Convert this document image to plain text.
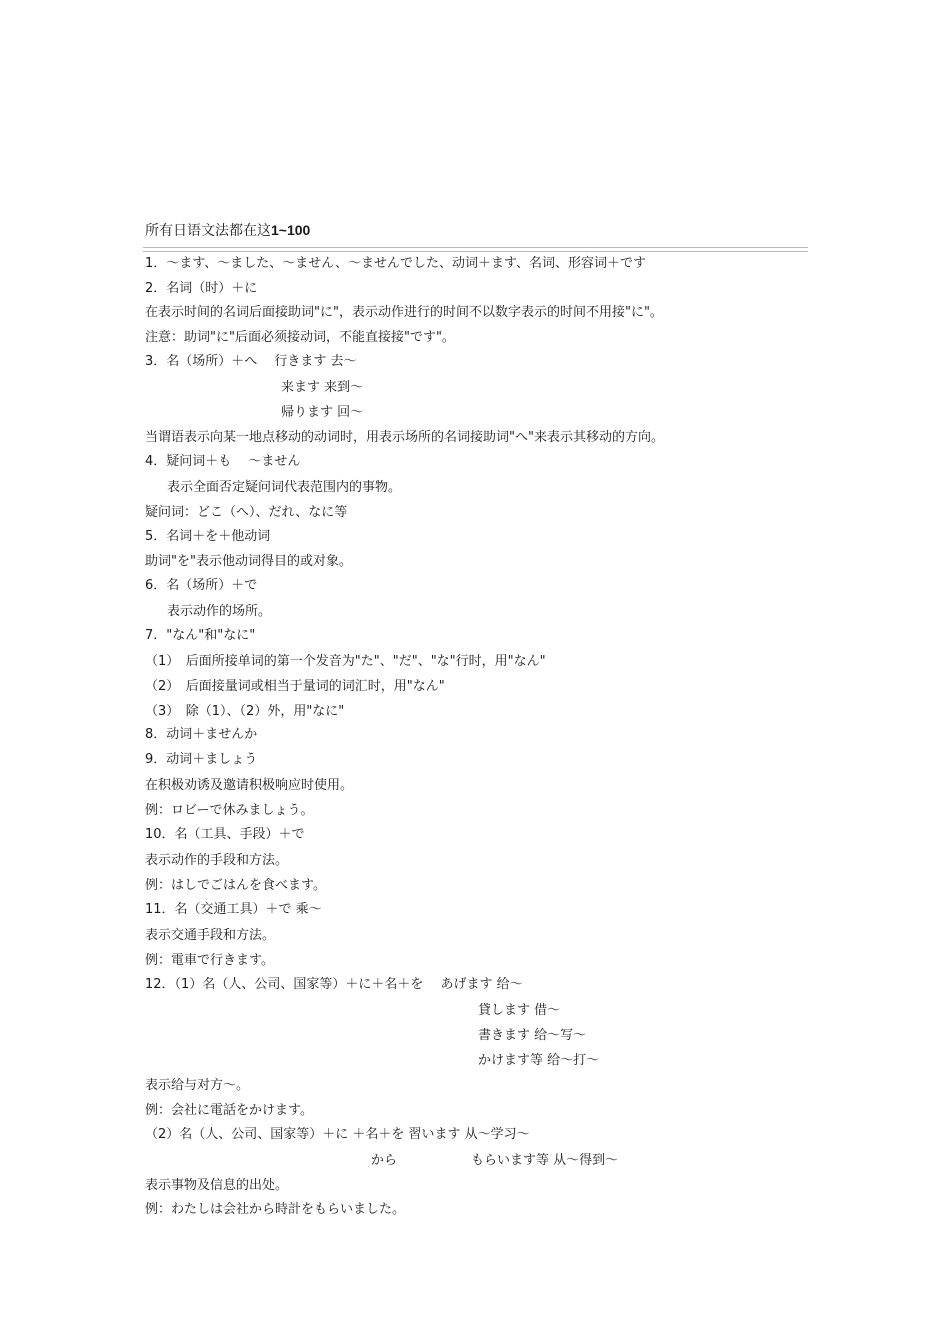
所有日语文法都在这1~100
1．～ます、～ました、～ません、～ませんでした、动词＋ます、名词、形容词＋です
2．名词（时）＋に
在表示时间的名词后面接助词"に"，表示动作进行的时间不以数字表示的时间不用接"に"。
注意：助词"に"后面必须接动词，不能直接接"です"。
3．名（场所）＋へ　 行きます 去～
来ます 来到～
帰ります 回～
当谓语表示向某一地点移动的动词时，用表示场所的名词接助词"へ"来表示其移动的方向。
4．疑问词＋も　 ～ません
表示全面否定疑问词代表范围内的事物。
疑问词：どこ（へ）、だれ、なに等
5．名词＋を＋他动词
助词"を"表示他动词得目的或对象。
6．名（场所）＋で
表示动作的场所。
7．"なん"和"なに"
（1）　后面所接单词的第一个发音为"た"、"だ"、"な"行时，用"なん"
（2）　后面接量词或相当于量词的词汇时，用"なん"
（3）　除（1）、（2）外，用"なに"
8．动词＋ませんか
9．动词＋ましょう
在积极劝诱及邀请积极响应时使用。
例：ロビーで休みましょう。
10．名（工具、手段）＋で
表示动作的手段和方法。
例：はしでごはんを食べます。
11．名（交通工具）＋で 乘～
表示交通手段和方法。
例：電車で行きます。
12．（1）名（人、公司、国家等）＋に＋名＋を　 あげます 给～
貸します 借～
書きます 给～写～
かけます等 给～打～
表示给与对方～。
例：会社に電話をかけます。
（2）名（人、公司、国家等）＋に ＋名＋を 習います 从～学习～
から	もらいます等 从～得到～
表示事物及信息的出处。
例：わたしは会社から時計をもらいました。
